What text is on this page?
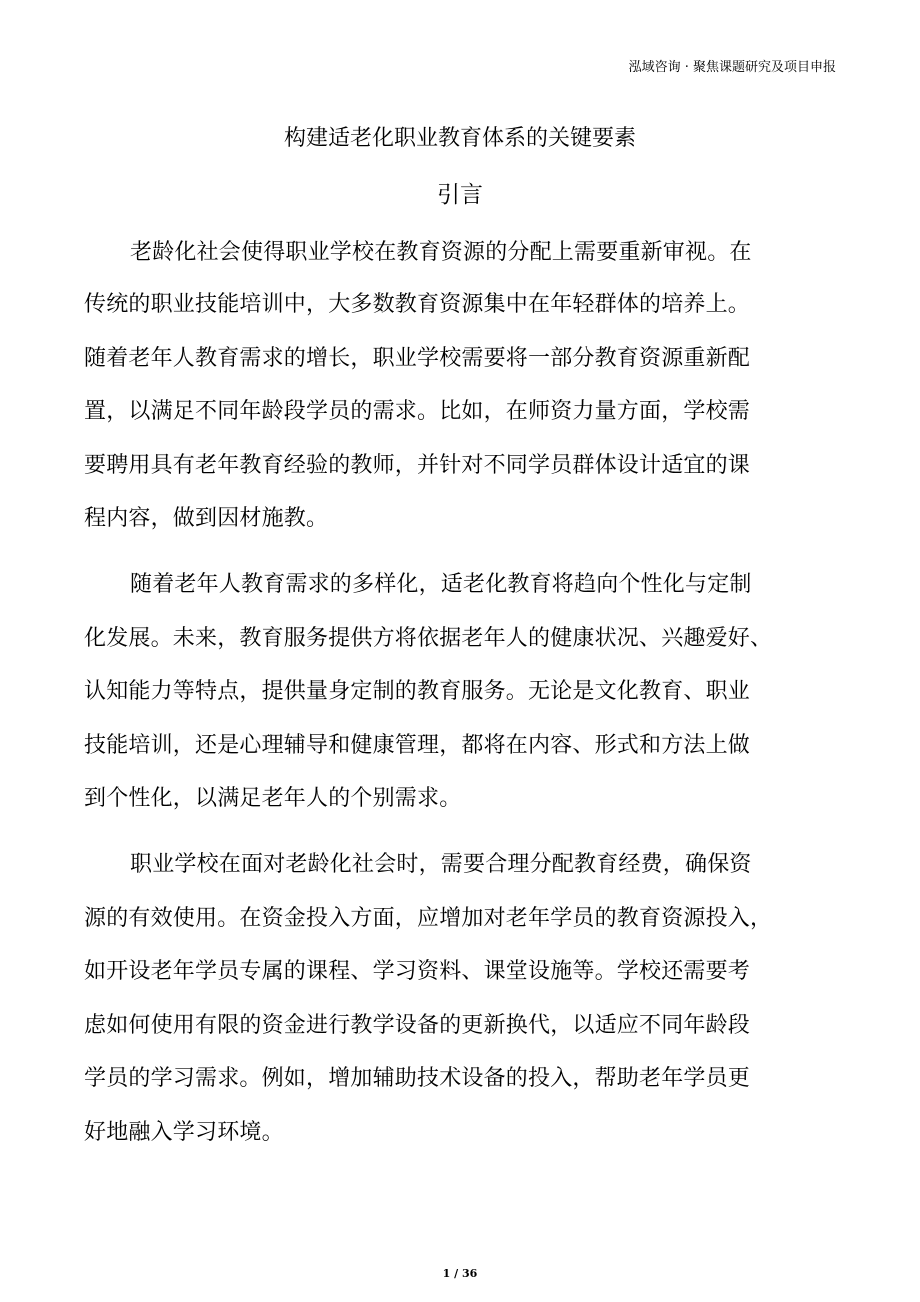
泓域咨询 · 聚焦课题研究及项目申报
构建适老化职业教育体系的关键要素
引言
老龄化社会使得职业学校在教育资源的分配上需要重新审视。在
传统的职业技能培训中，大多数教育资源集中在年轻群体的培养上。
随着老年人教育需求的增长，职业学校需要将一部分教育资源重新配
置，以满足不同年龄段学员的需求。比如，在师资力量方面，学校需
要聘用具有老年教育经验的教师，并针对不同学员群体设计适宜的课
程内容，做到因材施教。
随着老年人教育需求的多样化，适老化教育将趋向个性化与定制
化发展。未来，教育服务提供方将依据老年人的健康状况、兴趣爱好、
认知能力等特点，提供量身定制的教育服务。无论是文化教育、职业
技能培训，还是心理辅导和健康管理，都将在内容、形式和方法上做
到个性化，以满足老年人的个别需求。
职业学校在面对老龄化社会时，需要合理分配教育经费，确保资
源的有效使用。在资金投入方面，应增加对老年学员的教育资源投入，
如开设老年学员专属的课程、学习资料、课堂设施等。学校还需要考
虑如何使用有限的资金进行教学设备的更新换代，以适应不同年龄段
学员的学习需求。例如，增加辅助技术设备的投入，帮助老年学员更
好地融入学习环境。
1 / 36
